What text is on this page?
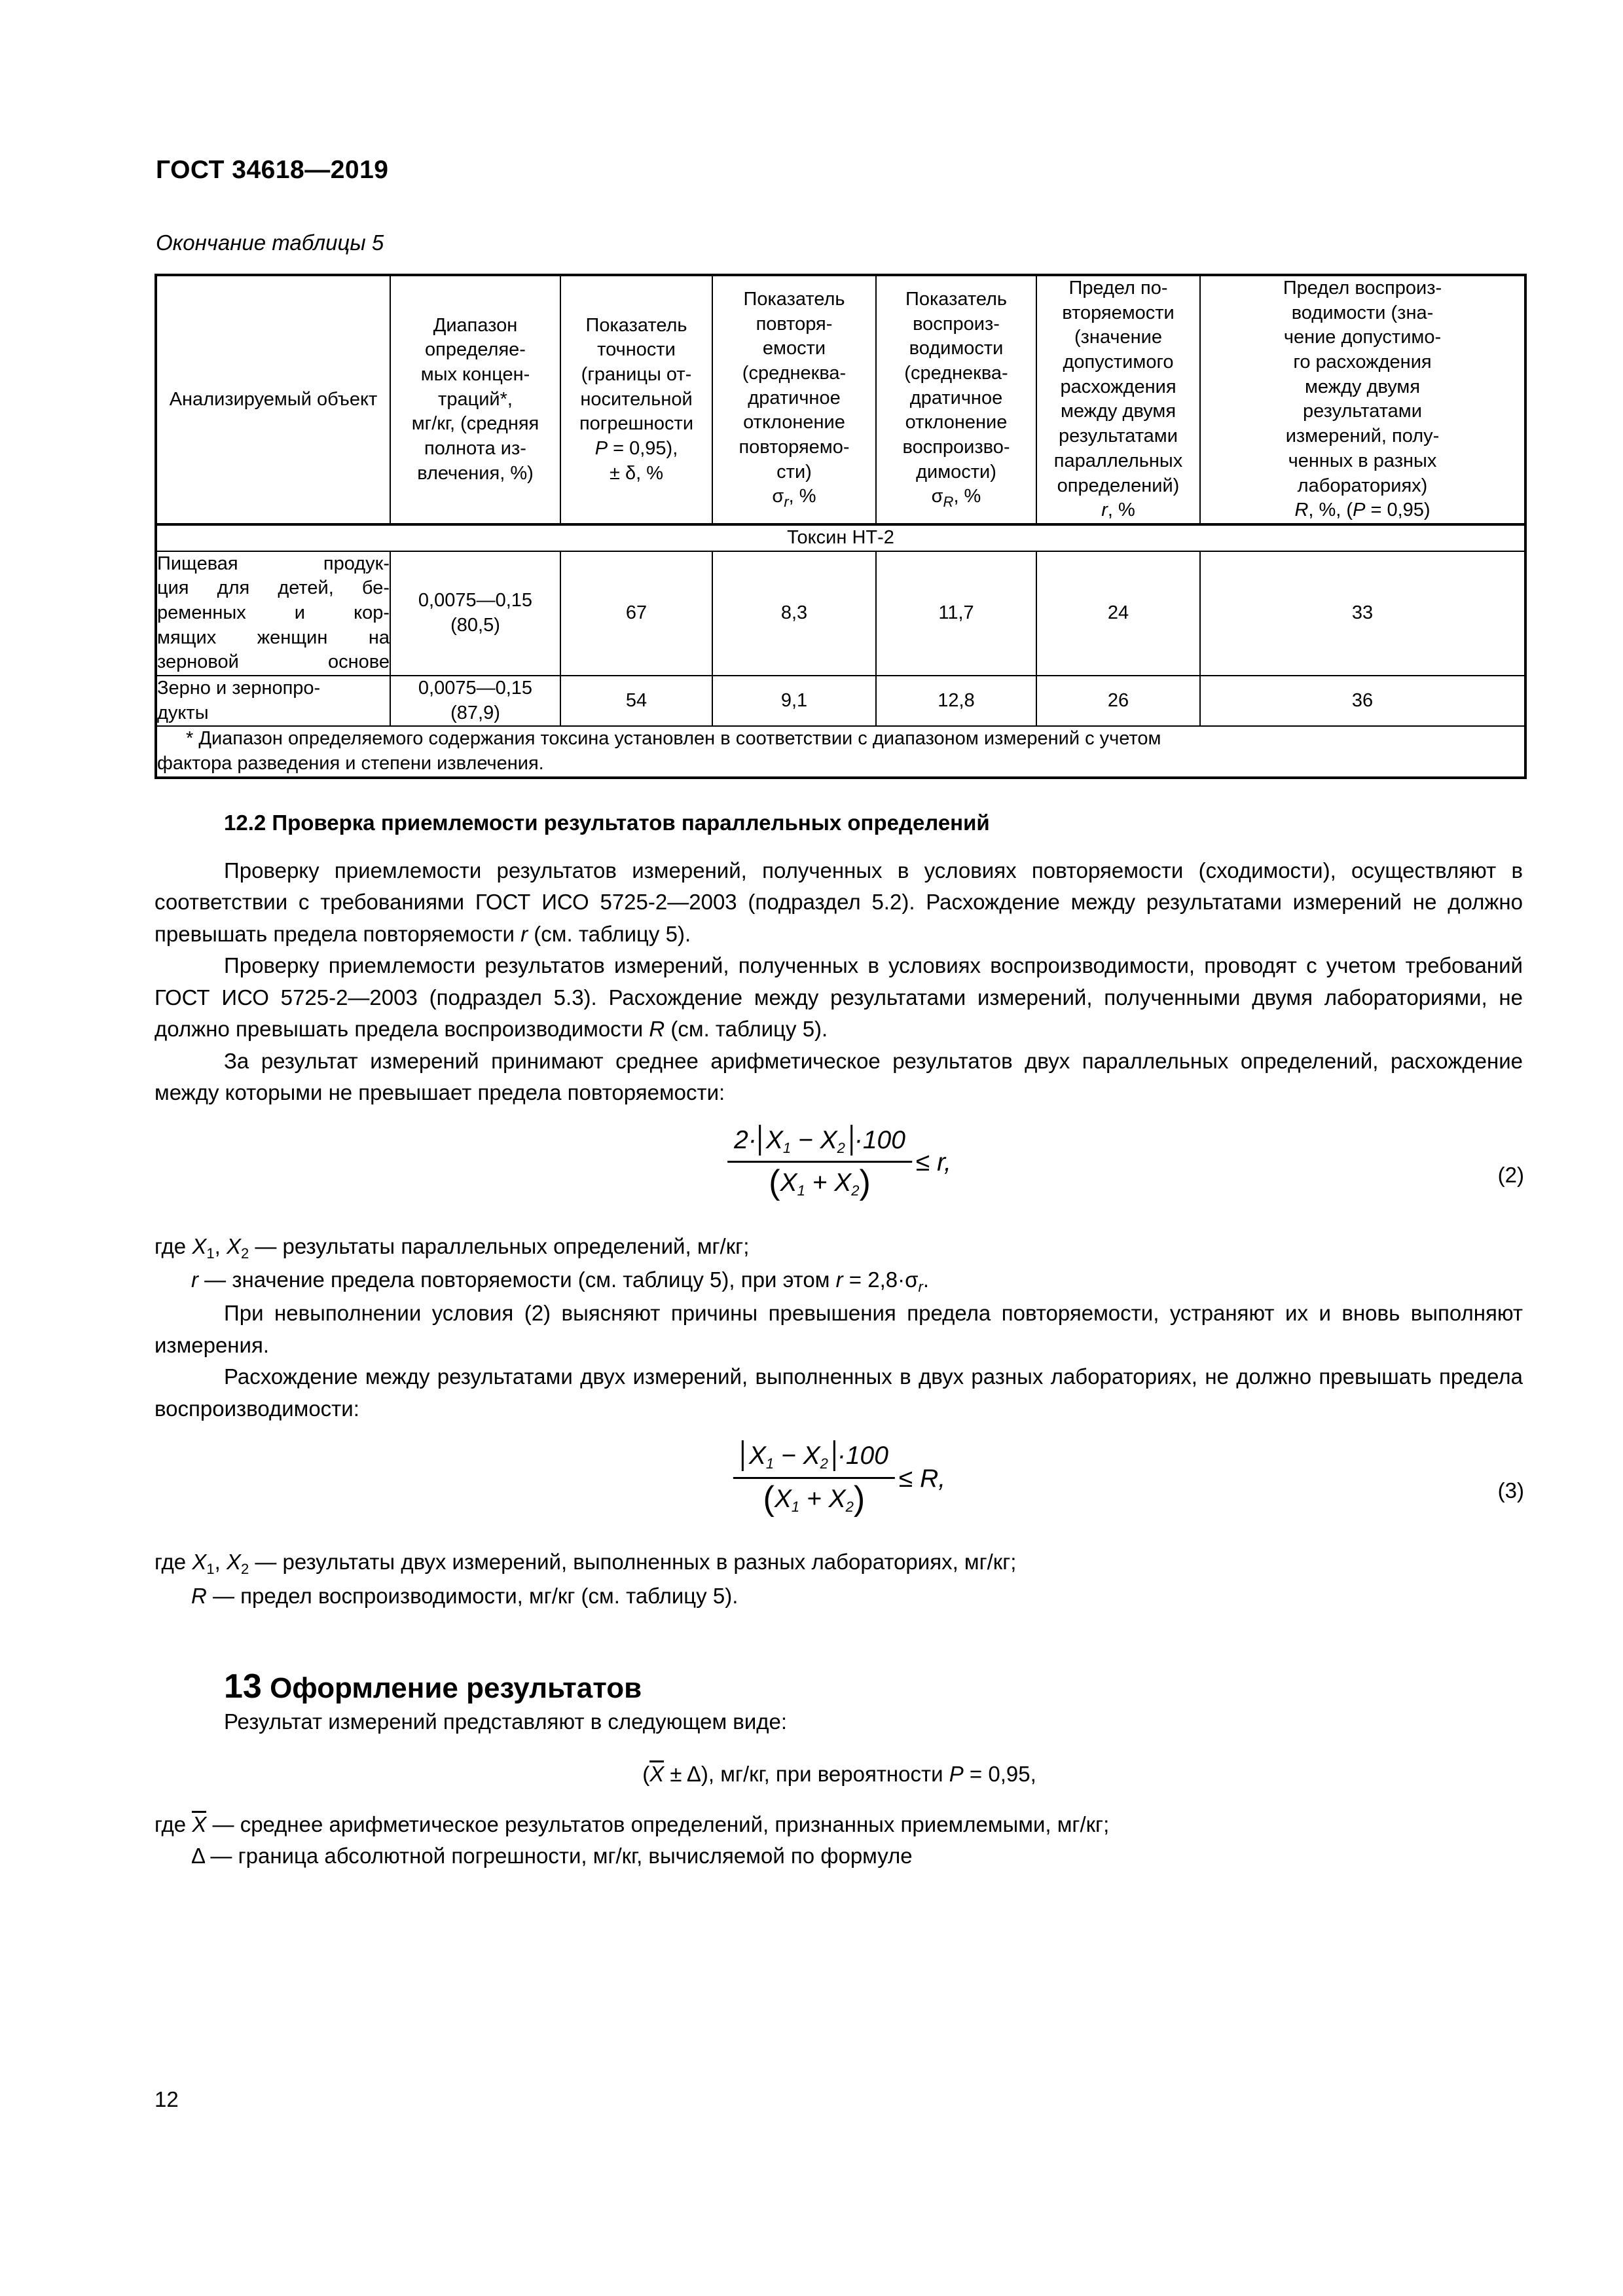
ГОСТ 34618—2019
Окончание таблицы 5
Анализируемый объект	Диапазон
определяе-
мых концен-
траций*,
мг/кг, (средняя
полнота из-
влечения, %)	Показатель
точности
(границы от-
носительной
погрешности
P = 0,95),
± δ, %	Показатель
повторя-
емости
(среднеква-
дратичное
отклонение
повторяемо-
сти)
$\sigma_r$, %	Показатель
воспроиз-
водимости
(среднеква-
дратичное
отклонение
воспроизво-
димости)
$\sigma_R$, %	Предел по-
вторяемости
(значение
допустимого
расхождения
между двумя
результатами
параллельных
определений)
r, %	Предел воспроиз-
водимости (зна-
чение допустимо-
го расхождения
между двумя
результатами
измерений, полу-
ченных в разных
лабораториях)
R, %, (P = 0,95)
Токсин НТ-2						
Пищевая продук-
ция для детей, бе-
ременных и кор-
мящих женщин на
зерновой основе	0,0075—0,15
(80,5)	67	8,3	11,7	24	33
Зерно и зернопро-
дукты	0,0075—0,15
(87,9)	54	9,1	12,8	26	36
* Диапазон определяемого содержания токсина установлен в соответствии с диапазоном измерений с учетом
фактора разведения и степени извлечения.						
12.2 Проверка приемлемости результатов параллельных определений

Проверку приемлемости результатов измерений, полученных в условиях повторяемости (сходимости), осуществляют в соответствии с требованиями ГОСТ ИСО 5725-2—2003 (подраздел 5.2). Расхождение между результатами измерений не должно превышать предела повторяемости r (см. таблицу 5).

Проверку приемлемости результатов измерений, полученных в условиях воспроизводимости, проводят с учетом требований ГОСТ ИСО 5725-2—2003 (подраздел 5.3). Расхождение между результатами измерений, полученными двумя лабораториями, не должно превышать предела воспроизводимости R (см. таблицу 5).

За результат измерений принимают среднее арифметическое результатов двух параллельных определений, расхождение между которыми не превышает предела повторяемости:

$\frac{2\cdot X_1 - X_2 \cdot 100}{(X_1 + X_2)} \le r$,	(2)

где $X_1$, $X_2$ — результаты параллельных определений, мг/кг;

r — значение предела повторяемости (см. таблицу 5), при этом $r = 2,8\cdot\sigma_r$.

При невыполнении условия (2) выясняют причины превышения предела повторяемости, устраняют их и вновь выполняют измерения.

Расхождение между результатами двух измерений, выполненных в двух разных лабораториях, не должно превышать предела воспроизводимости:

$\frac{X_1 - X_2 \cdot 100}{(X_1 + X_2)} \le R$,	(3)

где $X_1$, $X_2$ — результаты двух измерений, выполненных в разных лабораториях, мг/кг;

R — предел воспроизводимости, мг/кг (см. таблицу 5).

13 Оформление результатов

Результат измерений представляют в следующем виде:

(X ± Δ), мг/кг, при вероятности P = 0,95,

где X — среднее арифметическое результатов определений, признанных приемлемыми, мг/кг;

Δ — граница абсолютной погрешности, мг/кг, вычисляемой по формуле

12
